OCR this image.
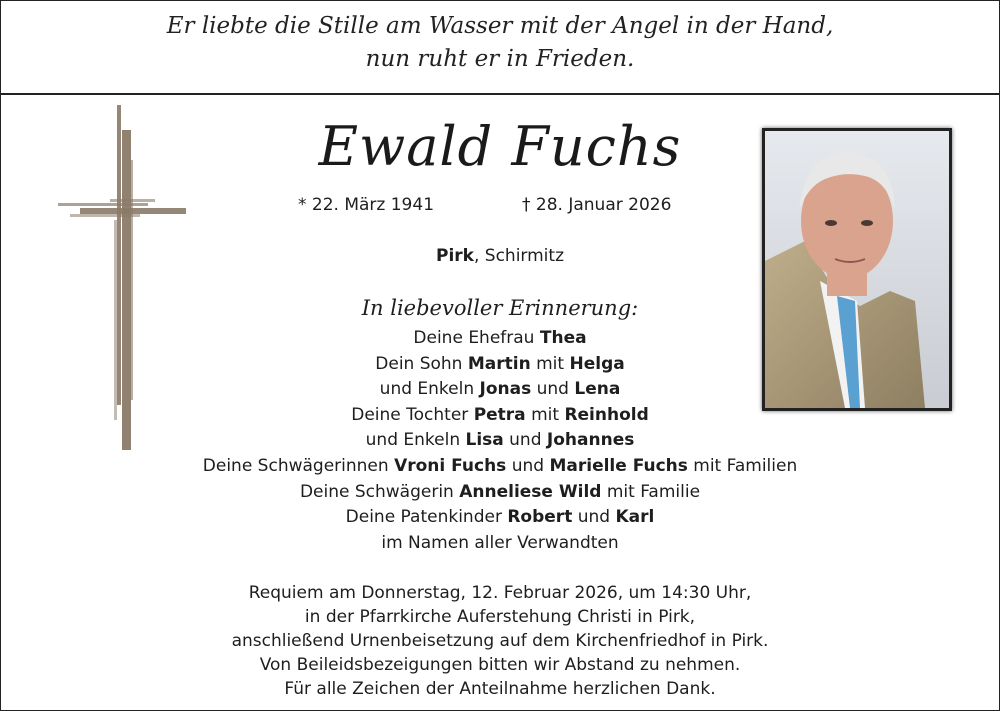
Er liebte die Stille am Wasser mit der Angel in der Hand,
nun ruht er in Frieden.
Ewald Fuchs
* 22. März 1941	† 28. Januar 2026
Pirk, Schirmitz
In liebevoller Erinnerung:
Deine Ehefrau Thea
Dein Sohn Martin mit Helga
und Enkeln Jonas und Lena
Deine Tochter Petra mit Reinhold
und Enkeln Lisa und Johannes
Deine Schwägerinnen Vroni Fuchs und Marielle Fuchs mit Familien
Deine Schwägerin Anneliese Wild mit Familie
Deine Patenkinder Robert und Karl
im Namen aller Verwandten
Requiem am Donnerstag, 12. Februar 2026, um 14:30 Uhr,
in der Pfarrkirche Auferstehung Christi in Pirk,
anschließend Urnenbeisetzung auf dem Kirchenfriedhof in Pirk.
Von Beileidsbezeigungen bitten wir Abstand zu nehmen.
Für alle Zeichen der Anteilnahme herzlichen Dank.
